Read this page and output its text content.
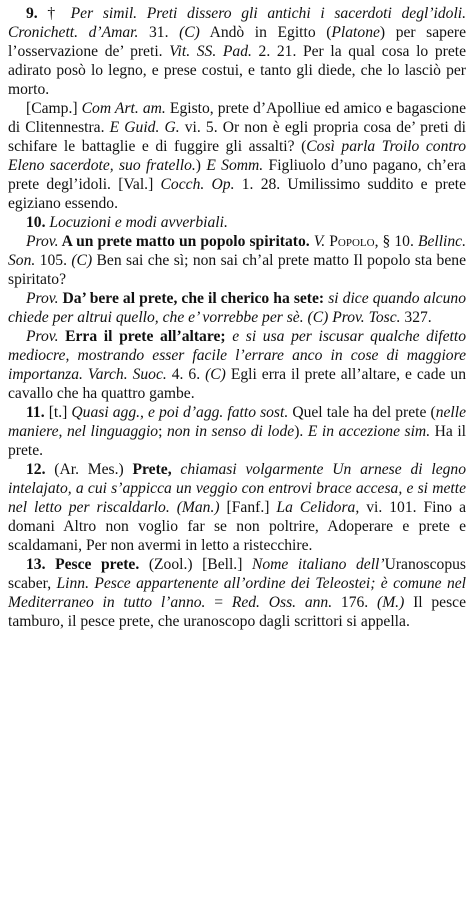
9. † Per simil. Preti dissero gli antichi i sacerdoti degl’idoli. Cronichett. d’Amar. 31. (C) Andò in Egitto (Platone) per sapere l’osservazione de’ preti. Vit. SS. Pad. 2. 21. Per la qual cosa lo prete adirato posò lo legno, e prese costui, e tanto gli diede, che lo lasciò per morto.

[Camp.] Com Art. am. Egisto, prete d’Apolliue ed amico e bagascione di Clitennestra. E Guid. G. vi. 5. Or non è egli propria cosa de’ preti di schifare le battaglie e di fuggire gli assalti? (Così parla Troilo contro Eleno sacerdote, suo fratello.) E Somm. Figliuolo d’uno pagano, ch’era prete degl’idoli. [Val.] Cocch. Op. 1. 28. Umilissimo suddito e prete egiziano essendo.

10. Locuzioni e modi avverbiali.

Prov. A un prete matto un popolo spiritato. V. Popolo, § 10. Bellinc. Son. 105. (C) Ben sai che sì; non sai ch’al prete matto Il popolo sta bene spiritato?

Prov. Da’ bere al prete, che il cherico ha sete: si dice quando alcuno chiede per altrui quello, che e’ vorrebbe per sè. (C) Prov. Tosc. 327.

Prov. Erra il prete all’altare; e si usa per iscusar qualche difetto mediocre, mostrando esser facile l’errare anco in cose di maggiore importanza. Varch. Suoc. 4. 6. (C) Egli erra il prete all’altare, e cade un cavallo che ha quattro gambe.

11. [t.] Quasi agg., e poi d’agg. fatto sost. Quel tale ha del prete (nelle maniere, nel linguaggio; non in senso di lode). E in accezione sim. Ha il prete.

12. (Ar. Mes.) Prete, chiamasi volgarmente Un arnese di legno intelajato, a cui s’appicca un veggio con entrovi brace accesa, e si mette nel letto per riscaldarlo. (Man.) [Fanf.] La Celidora, vi. 101. Fino a domani Altro non voglio far se non poltrire, Adoperare e prete e scaldamani, Per non avermi in letto a ristecchire.

13. Pesce prete. (Zool.) [Bell.] Nome italiano dell’Uranoscopus scaber, Linn. Pesce appartenente all’ordine dei Teleostei; è comune nel Mediterraneo in tutto l’anno. = Red. Oss. ann. 176. (M.) Il pesce tamburo, il pesce prete, che uranoscopo dagli scrittori si appella.
